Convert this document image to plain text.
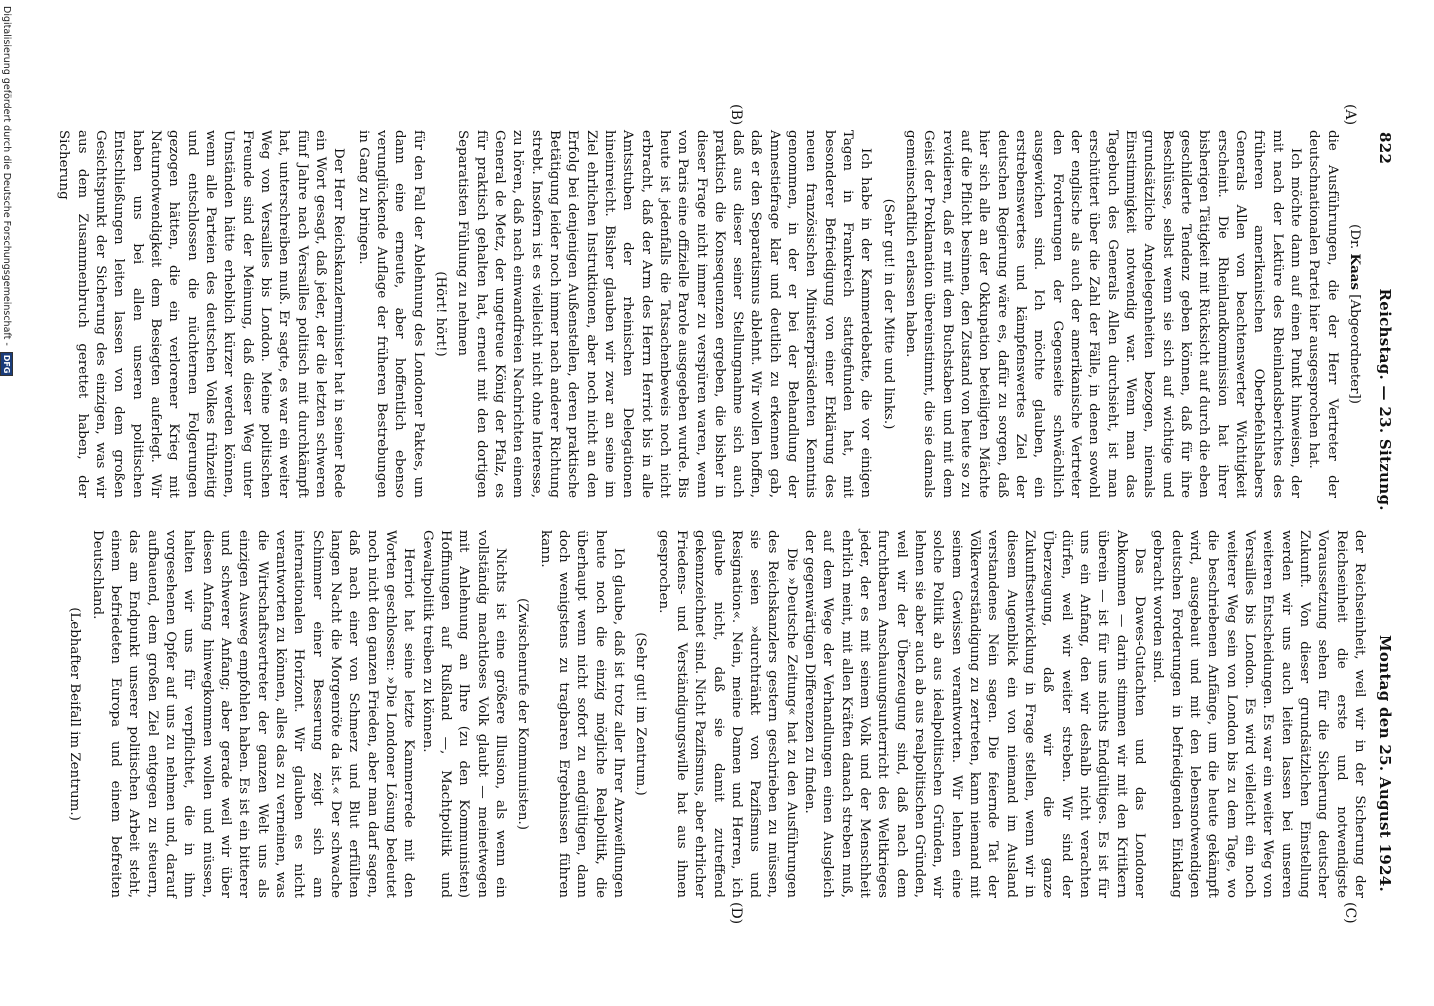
822
Reichstag. — 23. Sitzung.
Montag den 25. August 1924.
(A)
(B)
(C)
(D)

(Dr. Kaas [Abgeordneter])

die Ausführungen, die der Herr Vertreter der deutschnationalen Partei hier ausgesprochen hat.

Ich möchte dann auf einen Punkt hinweisen, der mit nach der Lektüre des Rheinlandsberichtes des früheren amerikanischen Oberbefehlshabers Generals Allen von beachtenswerter Wichtigkeit erscheint. Die Rheinlandkommission hat ihrer bisherigen Tätigkeit mit Rücksicht auf durch die eben geschilderte Tendenz geben können, daß für ihre Beschlüsse, selbst wenn sie sich auf wichtige und grundsätzliche Angelegenheiten bezogen, niemals Einstimmigkeit notwendig war. Wenn man das Tagebuch des Generals Allen durchsieht, ist man erschüttert über die Zahl der Fälle, in denen sowohl der englische als auch der amerikanische Vertreter den Forderungen der Gegenseite schwächlich ausgewichen sind. Ich möchte glauben, ein erstrebenswertes und kämpfenswertes Ziel der deutschen Regierung wäre es, dafür zu sorgen, daß hier sich alle an der Okkupation beteiligten Mächte auf die Pflicht besinnen, den Zustand von heute so zu revidieren, daß er mit dem Buchstaben und mit dem Geist der Proklamation übereinstimmt, die sie damals gemeinschaftlich erlassen haben.

(Sehr gut! in der Mitte und links.)

Ich habe in der Kammerdebatte, die vor einigen Tagen in Frankreich stattgefunden hat, mit besonderer Befriedigung von einer Erklärung des neuen französischen Ministerpräsidenten Kenntnis genommen, in der er bei der Behandlung der Amnestiefrage klar und deutlich zu erkennen gab, daß er den Separatismus ablehnt. Wir wollen hoffen, daß aus dieser seiner Stellungnahme sich auch praktisch die Konsequenzen ergeben, die bisher in dieser Frage nicht immer zu verspüren waren, wenn von Paris eine offizielle Parole ausgegeben wurde. Bis heute ist jedenfalls die Tatsachenbeweis noch nicht erbracht, daß der Arm des Herrn Herriot bis in alle Amtsstuben der rheinischen Delegationen hineinreicht. Bisher glauben wir zwar an seine im Ziel ehrlichen Instruktionen, aber noch nicht an den Erfolg bei denjenigen Außenstellen, deren praktische Betätigung leider noch immer nach anderer Richtung strebt. Insofern ist es vielleicht nicht ohne Interesse, zu hören, daß nach einwandfreien Nachrichten einem General de Metz, der ungetreue König der Pfalz, es für praktisch gehalten hat, erneut mit den dortigen Separatisten Fühlung zu nehmen

(Hört! hört!)

für den Fall der Ablehnung des Londoner Paktes, um dann eine erneute, aber hoffentlich ebenso verunglückende Auflage der früheren Bestrebungen in Gang zu bringen.

Der Herr Reichskanzlerminister hat in seiner Rede ein Wort gesagt, daß jeder, der die letzten schweren fünf Jahre nach Versailles politisch mit durchkämpft hat, unterschreiben muß. Er sagte, es war ein weiter Weg von Versailles bis London. Meine politischen Freunde sind der Meinung, daß dieser Weg unter Umständen hätte erheblich kürzer werden können, wenn alle Parteien des deutschen Volkes frühzeitig und entschlossen die nüchternen Folgerungen gezogen hätten, die ein verlorener Krieg mit Naturnotwendigkeit dem Besiegten auferlegt. Wir haben uns bei allen unseren politischen Entschließungen leiten lassen von dem großen Gesichtspunkt der Sicherung des einzigen, was wir aus dem Zusammenbruch gerettet haben, der Sicherung

der Reichseinheit, weil wir in der Sicherung der Reichseinheit die erste und notwendigste Voraussetzung sehen für die Sicherung deutscher Zukunft. Von dieser grundsätzlichen Einstellung werden wir uns auch leiten lassen bei unseren weiteren Entscheidungen. Es war ein weiter Weg von Versailles bis London. Es wird vielleicht ein noch weiterer Weg sein von London bis zu dem Tage, wo die beschriebenen Anfänge, um die heute gekämpft wird, ausgebaut und mit den lebensnotwendigen deutschen Forderungen in befriedigenden Einklang gebracht worden sind.

Das Dawes-Gutachten und das Londoner Abkommen — darin stimmen wir mit den Kritikern überein — ist für uns nichts Endgültiges. Es ist für uns ein Anfang, den wir deshalb nicht verachten dürfen, weil wir weiter streben. Wir sind der Überzeugung, daß wir die ganze Zukunftsentwicklung in Frage stellen, wenn wir in diesem Augenblick ein von niemand im Ausland verstandenes Nein sagen. Die feiernde Tat der Völkerverständigung zu zertreten, kann niemand mit seinem Gewissen verantworten. Wir lehnen eine solche Politik ab aus idealpolitischen Gründen, wir lehnen sie aber auch ab aus realpolitischen Gründen, weil wir der Überzeugung sind, daß nach dem furchtbaren Anschauungsunterricht des Weltkrieges jeder, der es mit seinem Volk und der Menschheit ehrlich meint, mit allen Kräften danach streben muß, auf dem Wege der Verhandlungen einen Ausgleich der gegenwärtigen Differenzen zu finden.

Die »Deutsche Zeitung« hat zu den Ausführungen des Reichskanzlers gestern geschrieben zu müssen, sie seien »durchtränkt von Pazifismus und Resignation«. Nein, meine Damen und Herren, ich glaube nicht, daß sie damit zutreffend gekennzeichnet sind. Nicht Pazifismus, aber ehrlicher Friedens- und Verständigungswille hat aus ihnen gesprochen.

(Sehr gut! im Zentrum.)

Ich glaube, daß ist trotz aller Ihrer Anzweiflungen heute noch die einzig mögliche Realpolitik, die überhaupt wenn nicht sofort zu endgültigen, dann doch wenigstens zu tragbaren Ergebnissen führen kann.

(Zwischenrufe der Kommunisten.)

Nichts ist eine größere Illusion, als wenn ein vollständig machtloses Volk glaubt — meinetwegen mit Anlehnung an Ihre (zu den Kommunisten) Hoffnungen auf Rußland —, Machtpolitik und Gewaltpolitik treiben zu können.

Herriot hat seine letzte Kammerrede mit den Worten geschlossen: »Die Londoner Lösung bedeutet noch nicht den ganzen Frieden, aber man darf sagen, daß nach einer von Schmerz und Blut erfüllten langen Nacht die Morgenröte da ist.« Der schwache Schimmer einer Besserung zeigt sich am internationalen Horizont. Wir glauben es nicht verantworten zu können, alles das zu verneinen, was die Wirtschaftsvertreter der ganzen Welt uns als einzigen Ausweg empfohlen haben. Es ist ein bitterer und schwerer Anfang; aber gerade weil wir über diesen Anfang hinwegkommen wollen und müssen, halten wir uns für verpflichtet, die in ihm vorgesehenen Opfer auf uns zu nehmen und, darauf aufbauend, dem großen Ziel entgegen zu steuern, das am Endpunkt unserer politischen Arbeit steht, einem befriedeten Europa und einem befreiten Deutschland.

(Lebhafter Beifall im Zentrum.)

Digitalisierung gefördert durch die Deutsche Forschungsgemeinschaft -
DFG
